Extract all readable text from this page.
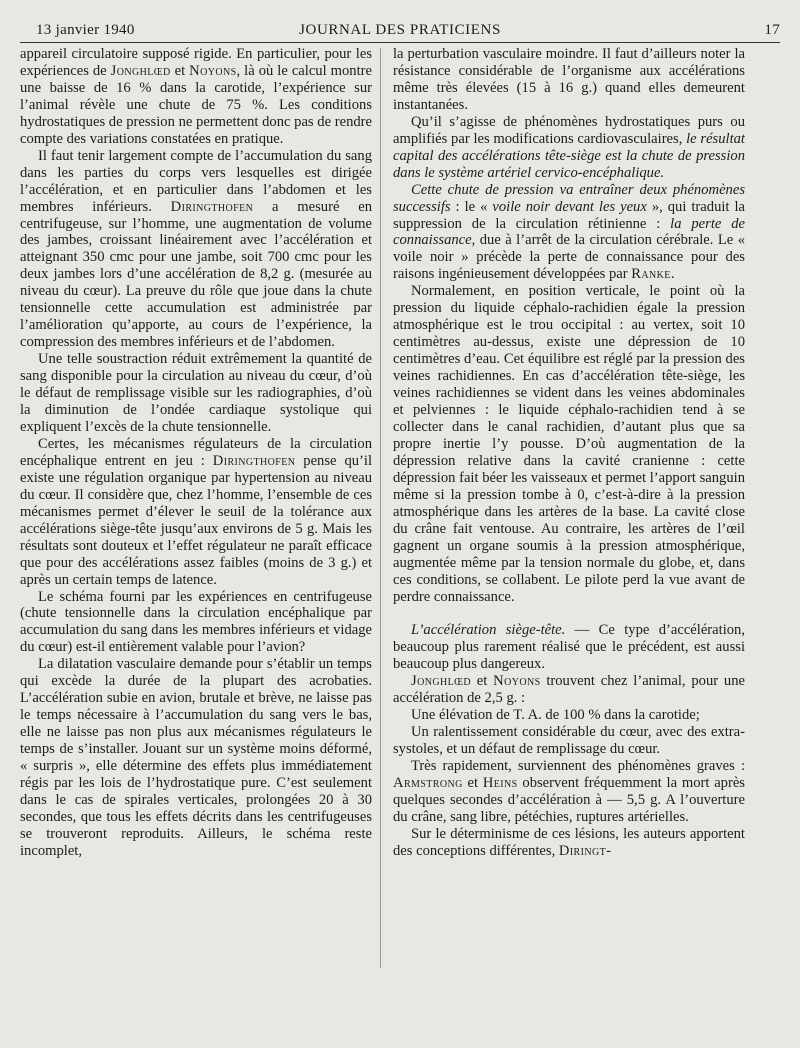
13 janvier 1940	JOURNAL DES PRATICIENS	17

appareil circulatoire supposé rigide. En particulier, pour les expériences de Jonghlœd et Noyons, là où le calcul montre une baisse de 16 % dans la carotide, l’expérience sur l’animal révèle une chute de 75 %. Les conditions hydrostatiques de pression ne permettent donc pas de rendre compte des variations constatées en pratique.

Il faut tenir largement compte de l’accumulation du sang dans les parties du corps vers lesquelles est dirigée l’accélération, et en particulier dans l’abdomen et les membres inférieurs. Diringthofen a mesuré en centrifugeuse, sur l’homme, une augmentation de volume des jambes, croissant linéairement avec l’accélération et atteignant 350 cmc pour une jambe, soit 700 cmc pour les deux jambes lors d’une accélération de 8,2 g. (mesurée au niveau du cœur). La preuve du rôle que joue dans la chute tensionnelle cette accumulation est administrée par l’amélioration qu’apporte, au cours de l’expérience, la compression des membres inférieurs et de l’abdomen.

Une telle soustraction réduit extrêmement la quantité de sang disponible pour la circulation au niveau du cœur, d’où le défaut de remplissage visible sur les radiographies, d’où la diminution de l’ondée cardiaque systolique qui expliquent l’excès de la chute tensionnelle.

Certes, les mécanismes régulateurs de la circulation encéphalique entrent en jeu : Diringthofen pense qu’il existe une régulation organique par hypertension au niveau du cœur. Il considère que, chez l’homme, l’ensemble de ces mécanismes permet d’élever le seuil de la tolérance aux accélérations siège-tête jusqu’aux environs de 5 g. Mais les résultats sont douteux et l’effet régulateur ne paraît efficace que pour des accélérations assez faibles (moins de 3 g.) et après un certain temps de latence.

Le schéma fourni par les expériences en centrifugeuse (chute tensionnelle dans la circulation encéphalique par accumulation du sang dans les membres inférieurs et vidage du cœur) est-il entièrement valable pour l’avion?

La dilatation vasculaire demande pour s’établir un temps qui excède la durée de la plupart des acrobaties. L’accélération subie en avion, brutale et brève, ne laisse pas le temps nécessaire à l’accumulation du sang vers le bas, elle ne laisse pas non plus aux mécanismes régulateurs le temps de s’installer. Jouant sur un système moins déformé, « surpris », elle détermine des effets plus immédiatement régis par les lois de l’hydrostatique pure. C’est seulement dans le cas de spirales verticales, prolongées 20 à 30 secondes, que tous les effets décrits dans les centrifugeuses se trouveront reproduits. Ailleurs, le schéma reste incomplet,

la perturbation vasculaire moindre. Il faut d’ailleurs noter la résistance considérable de l’organisme aux accélérations même très élevées (15 à 16 g.) quand elles demeurent instantanées.

Qu’il s’agisse de phénomènes hydrostatiques purs ou amplifiés par les modifications cardiovasculaires, le résultat capital des accélérations tête-siège est la chute de pression dans le système artériel cervico-encéphalique.

Cette chute de pression va entraîner deux phénomènes successifs : le « voile noir devant les yeux », qui traduit la suppression de la circulation rétinienne : la perte de connaissance, due à l’arrêt de la circulation cérébrale. Le « voile noir » précède la perte de connaissance pour des raisons ingénieusement développées par Ranke.

Normalement, en position verticale, le point où la pression du liquide céphalo-rachidien égale la pression atmosphérique est le trou occipital : au vertex, soit 10 centimètres au-dessus, existe une dépression de 10 centimètres d’eau. Cet équilibre est réglé par la pression des veines rachidiennes. En cas d’accélération tête-siège, les veines rachidiennes se vident dans les veines abdominales et pelviennes : le liquide céphalo-rachidien tend à se collecter dans le canal rachidien, d’autant plus que sa propre inertie l’y pousse. D’où augmentation de la dépression relative dans la cavité cranienne : cette dépression fait béer les vaisseaux et permet l’apport sanguin même si la pression tombe à 0, c’est-à-dire à la pression atmosphérique dans les artères de la base. La cavité close du crâne fait ventouse. Au contraire, les artères de l’œil gagnent un organe soumis à la pression atmosphérique, augmentée même par la tension normale du globe, et, dans ces conditions, se collabent. Le pilote perd la vue avant de perdre connaissance.

L’accélération siège-tête. — Ce type d’accélération, beaucoup plus rarement réalisé que le précédent, est aussi beaucoup plus dangereux.

Jonghlœd et Noyons trouvent chez l’animal, pour une accélération de 2,5 g. :

Une élévation de T. A. de 100 % dans la carotide;

Un ralentissement considérable du cœur, avec des extra-systoles, et un défaut de remplissage du cœur.

Très rapidement, surviennent des phénomènes graves : Armstrong et Heins observent fréquemment la mort après quelques secondes d’accélération à — 5,5 g. A l’ouverture du crâne, sang libre, pétéchies, ruptures artérielles.

Sur le déterminisme de ces lésions, les auteurs apportent des conceptions différentes, Diringt-
